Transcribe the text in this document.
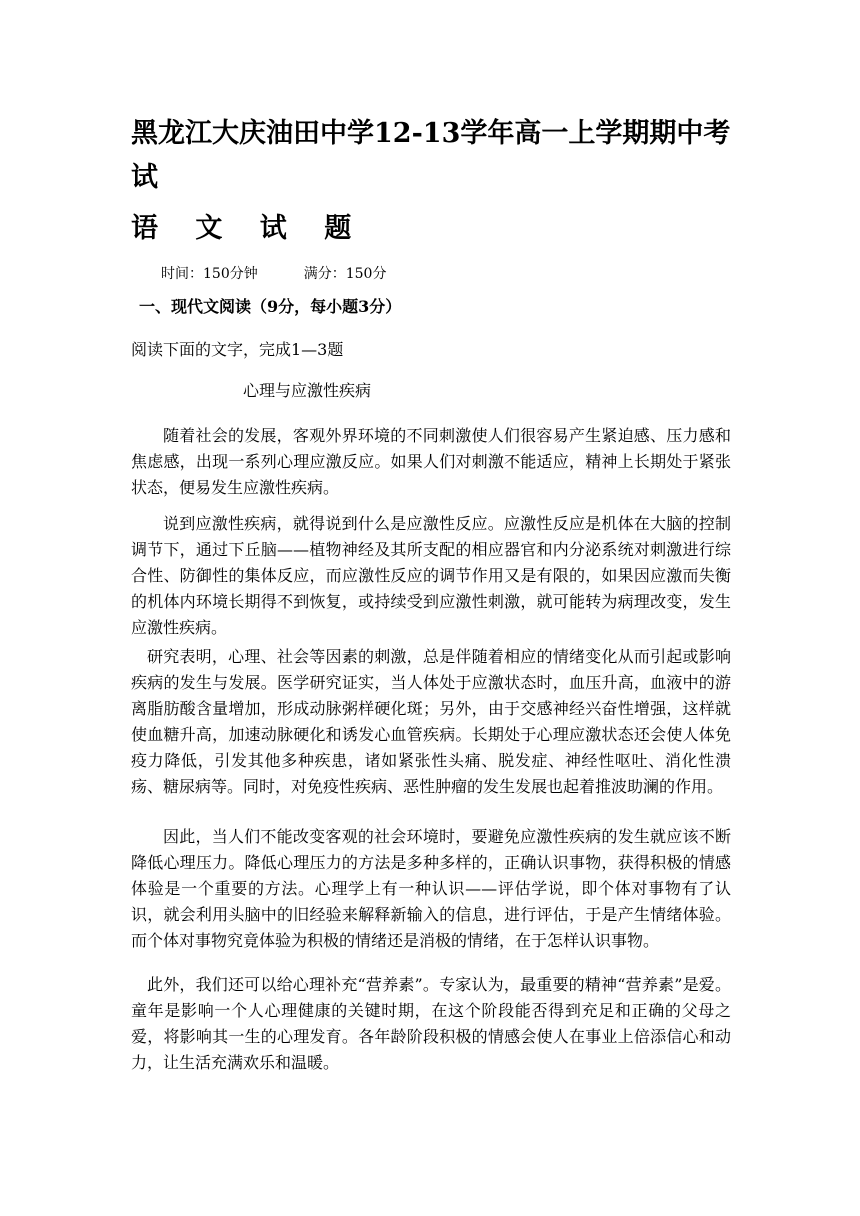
黑龙江大庆油田中学12-13学年高一上学期期中考试
语 文 试 题

时间：150分钟	满分：150分

一、现代文阅读（9分，每小题3分）

阅读下面的文字，完成1—3题

心理与应激性疾病

随着社会的发展，客观外界环境的不同刺激使人们很容易产生紧迫感、压力感和焦虑感，出现一系列心理应激反应。如果人们对刺激不能适应，精神上长期处于紧张状态，便易发生应激性疾病。

说到应激性疾病，就得说到什么是应激性反应。应激性反应是机体在大脑的控制调节下，通过下丘脑——植物神经及其所支配的相应器官和内分泌系统对刺激进行综合性、防御性的集体反应，而应激性反应的调节作用又是有限的，如果因应激而失衡的机体内环境长期得不到恢复，或持续受到应激性刺激，就可能转为病理改变，发生应激性疾病。

研究表明，心理、社会等因素的刺激，总是伴随着相应的情绪变化从而引起或影响疾病的发生与发展。医学研究证实，当人体处于应激状态时，血压升高，血液中的游离脂肪酸含量增加，形成动脉粥样硬化斑；另外，由于交感神经兴奋性增强，这样就使血糖升高，加速动脉硬化和诱发心血管疾病。长期处于心理应激状态还会使人体免疫力降低，引发其他多种疾患，诸如紧张性头痛、脱发症、神经性呕吐、消化性溃疡、糖尿病等。同时，对免疫性疾病、恶性肿瘤的发生发展也起着推波助澜的作用。

因此，当人们不能改变客观的社会环境时，要避免应激性疾病的发生就应该不断降低心理压力。降低心理压力的方法是多种多样的，正确认识事物，获得积极的情感体验是一个重要的方法。心理学上有一种认识——评估学说，即个体对事物有了认识，就会利用头脑中的旧经验来解释新输入的信息，进行评估，于是产生情绪体验。而个体对事物究竟体验为积极的情绪还是消极的情绪，在于怎样认识事物。

此外，我们还可以给心理补充“营养素”。专家认为，最重要的精神“营养素”是爱。童年是影响一个人心理健康的关键时期，在这个阶段能否得到充足和正确的父母之爱，将影响其一生的心理发育。各年龄阶段积极的情感会使人在事业上倍添信心和动力，让生活充满欢乐和温暖。
